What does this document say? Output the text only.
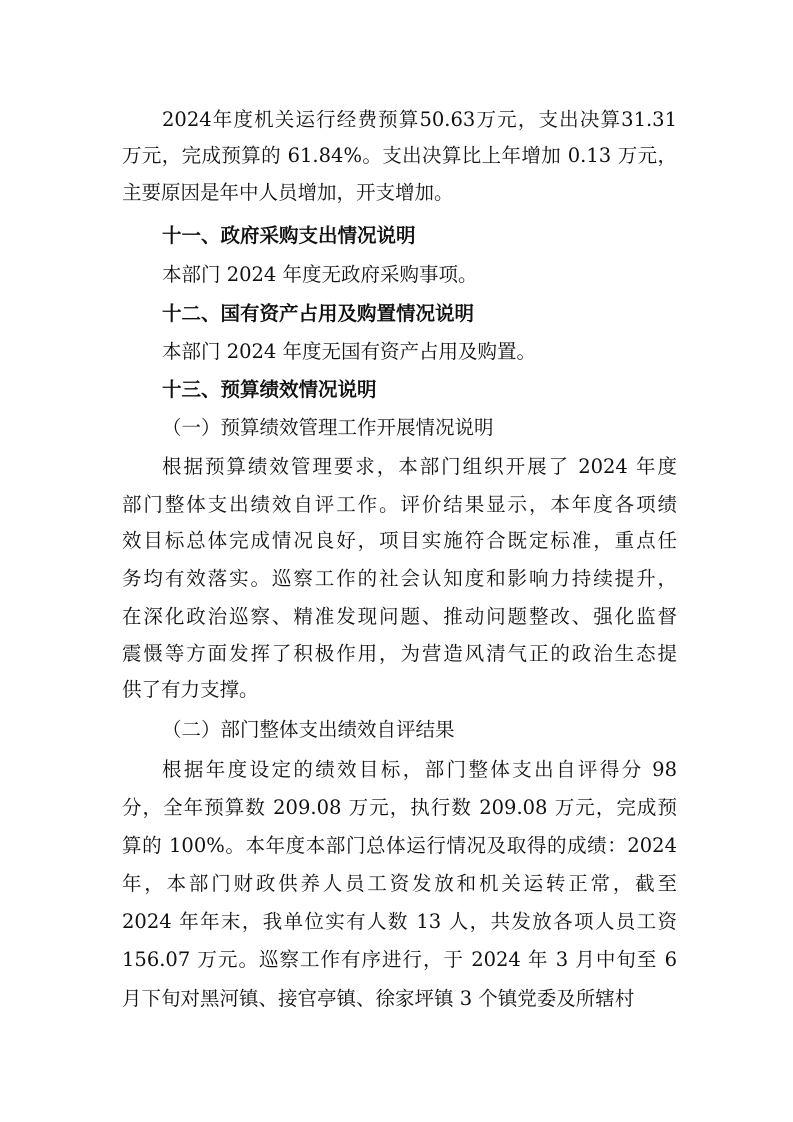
2024年度机关运行经费预算50.63万元，支出决算31.31
万元，完成预算的 61.84%。支出决算比上年增加 0.13 万元，
主要原因是年中人员增加，开支增加。
十一、政府采购支出情况说明
本部门 2024 年度无政府采购事项。
十二、国有资产占用及购置情况说明
本部门 2024 年度无国有资产占用及购置。
十三、预算绩效情况说明
（一）预算绩效管理工作开展情况说明
根据预算绩效管理要求，本部门组织开展了 2024 年度
部门整体支出绩效自评工作。评价结果显示，本年度各项绩
效目标总体完成情况良好，项目实施符合既定标准，重点任
务均有效落实。巡察工作的社会认知度和影响力持续提升，
在深化政治巡察、精准发现问题、推动问题整改、强化监督
震慑等方面发挥了积极作用，为营造风清气正的政治生态提
供了有力支撑。
（二）部门整体支出绩效自评结果
根据年度设定的绩效目标，部门整体支出自评得分 98
分，全年预算数 209.08 万元，执行数 209.08 万元，完成预
算的 100%。本年度本部门总体运行情况及取得的成绩：2024
年，本部门财政供养人员工资发放和机关运转正常，截至
2024 年年末，我单位实有人数 13 人，共发放各项人员工资
156.07 万元。巡察工作有序进行，于 2024 年 3 月中旬至 6
月下旬对黑河镇、接官亭镇、徐家坪镇 3 个镇党委及所辖村
